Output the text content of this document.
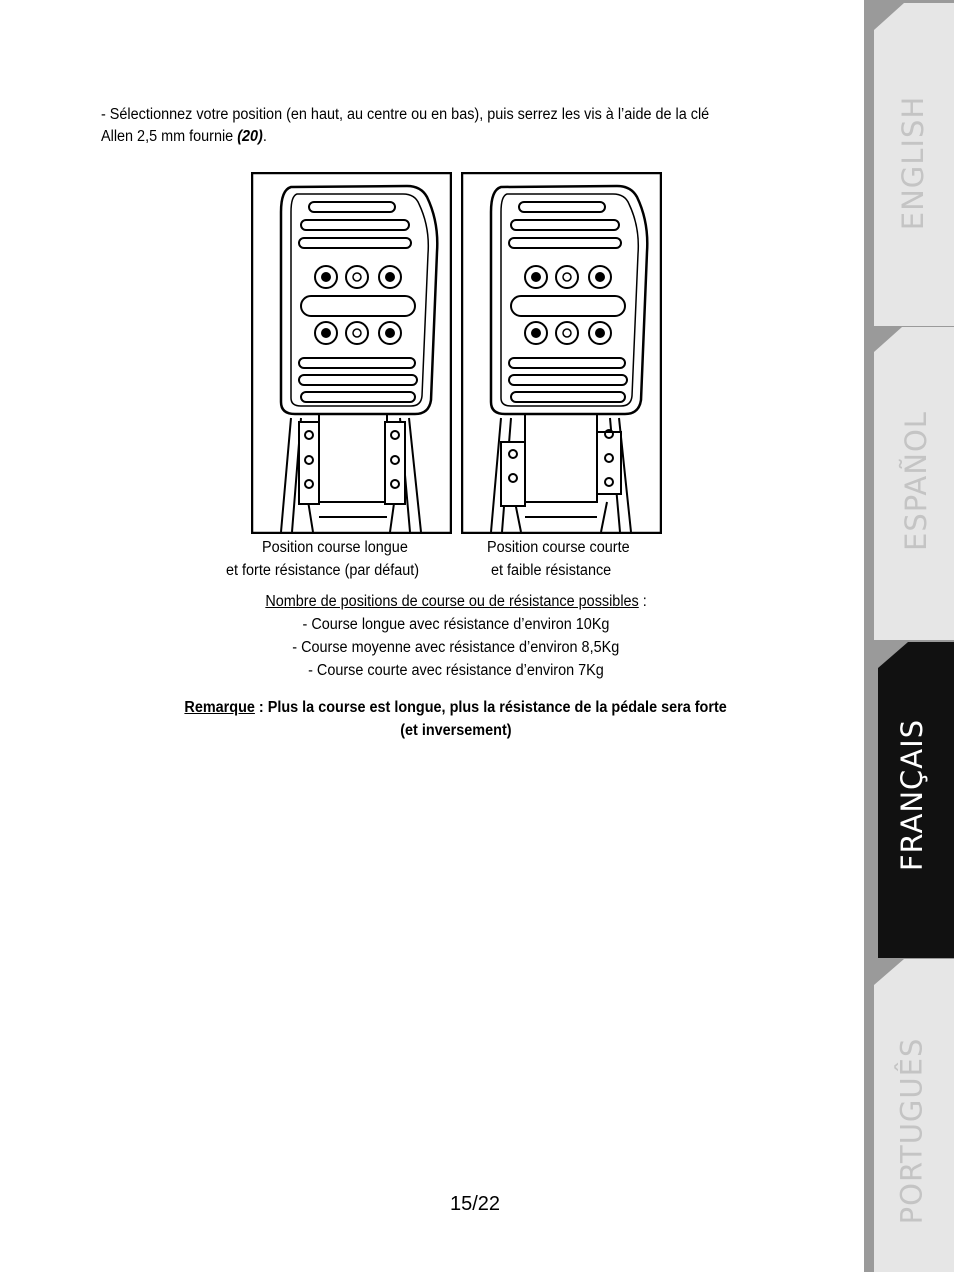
- Sélectionnez votre position (en haut, au centre ou en bas), puis serrez les vis à l’aide de la clé
Allen 2,5 mm fournie (20).
Position course longue
et forte résistance (par défaut)
Position course courte
et faible résistance
Nombre de positions de course ou de résistance possibles :
- Course longue avec résistance d’environ 10Kg
- Course moyenne avec résistance d’environ 8,5Kg
- Course courte avec résistance d’environ 7Kg
Remarque : Plus la course est longue, plus la résistance de la pédale sera forte
(et inversement)
15/22
ENGLISH
ESPAÑOL
FRANÇAIS
PORTUGUÊS
